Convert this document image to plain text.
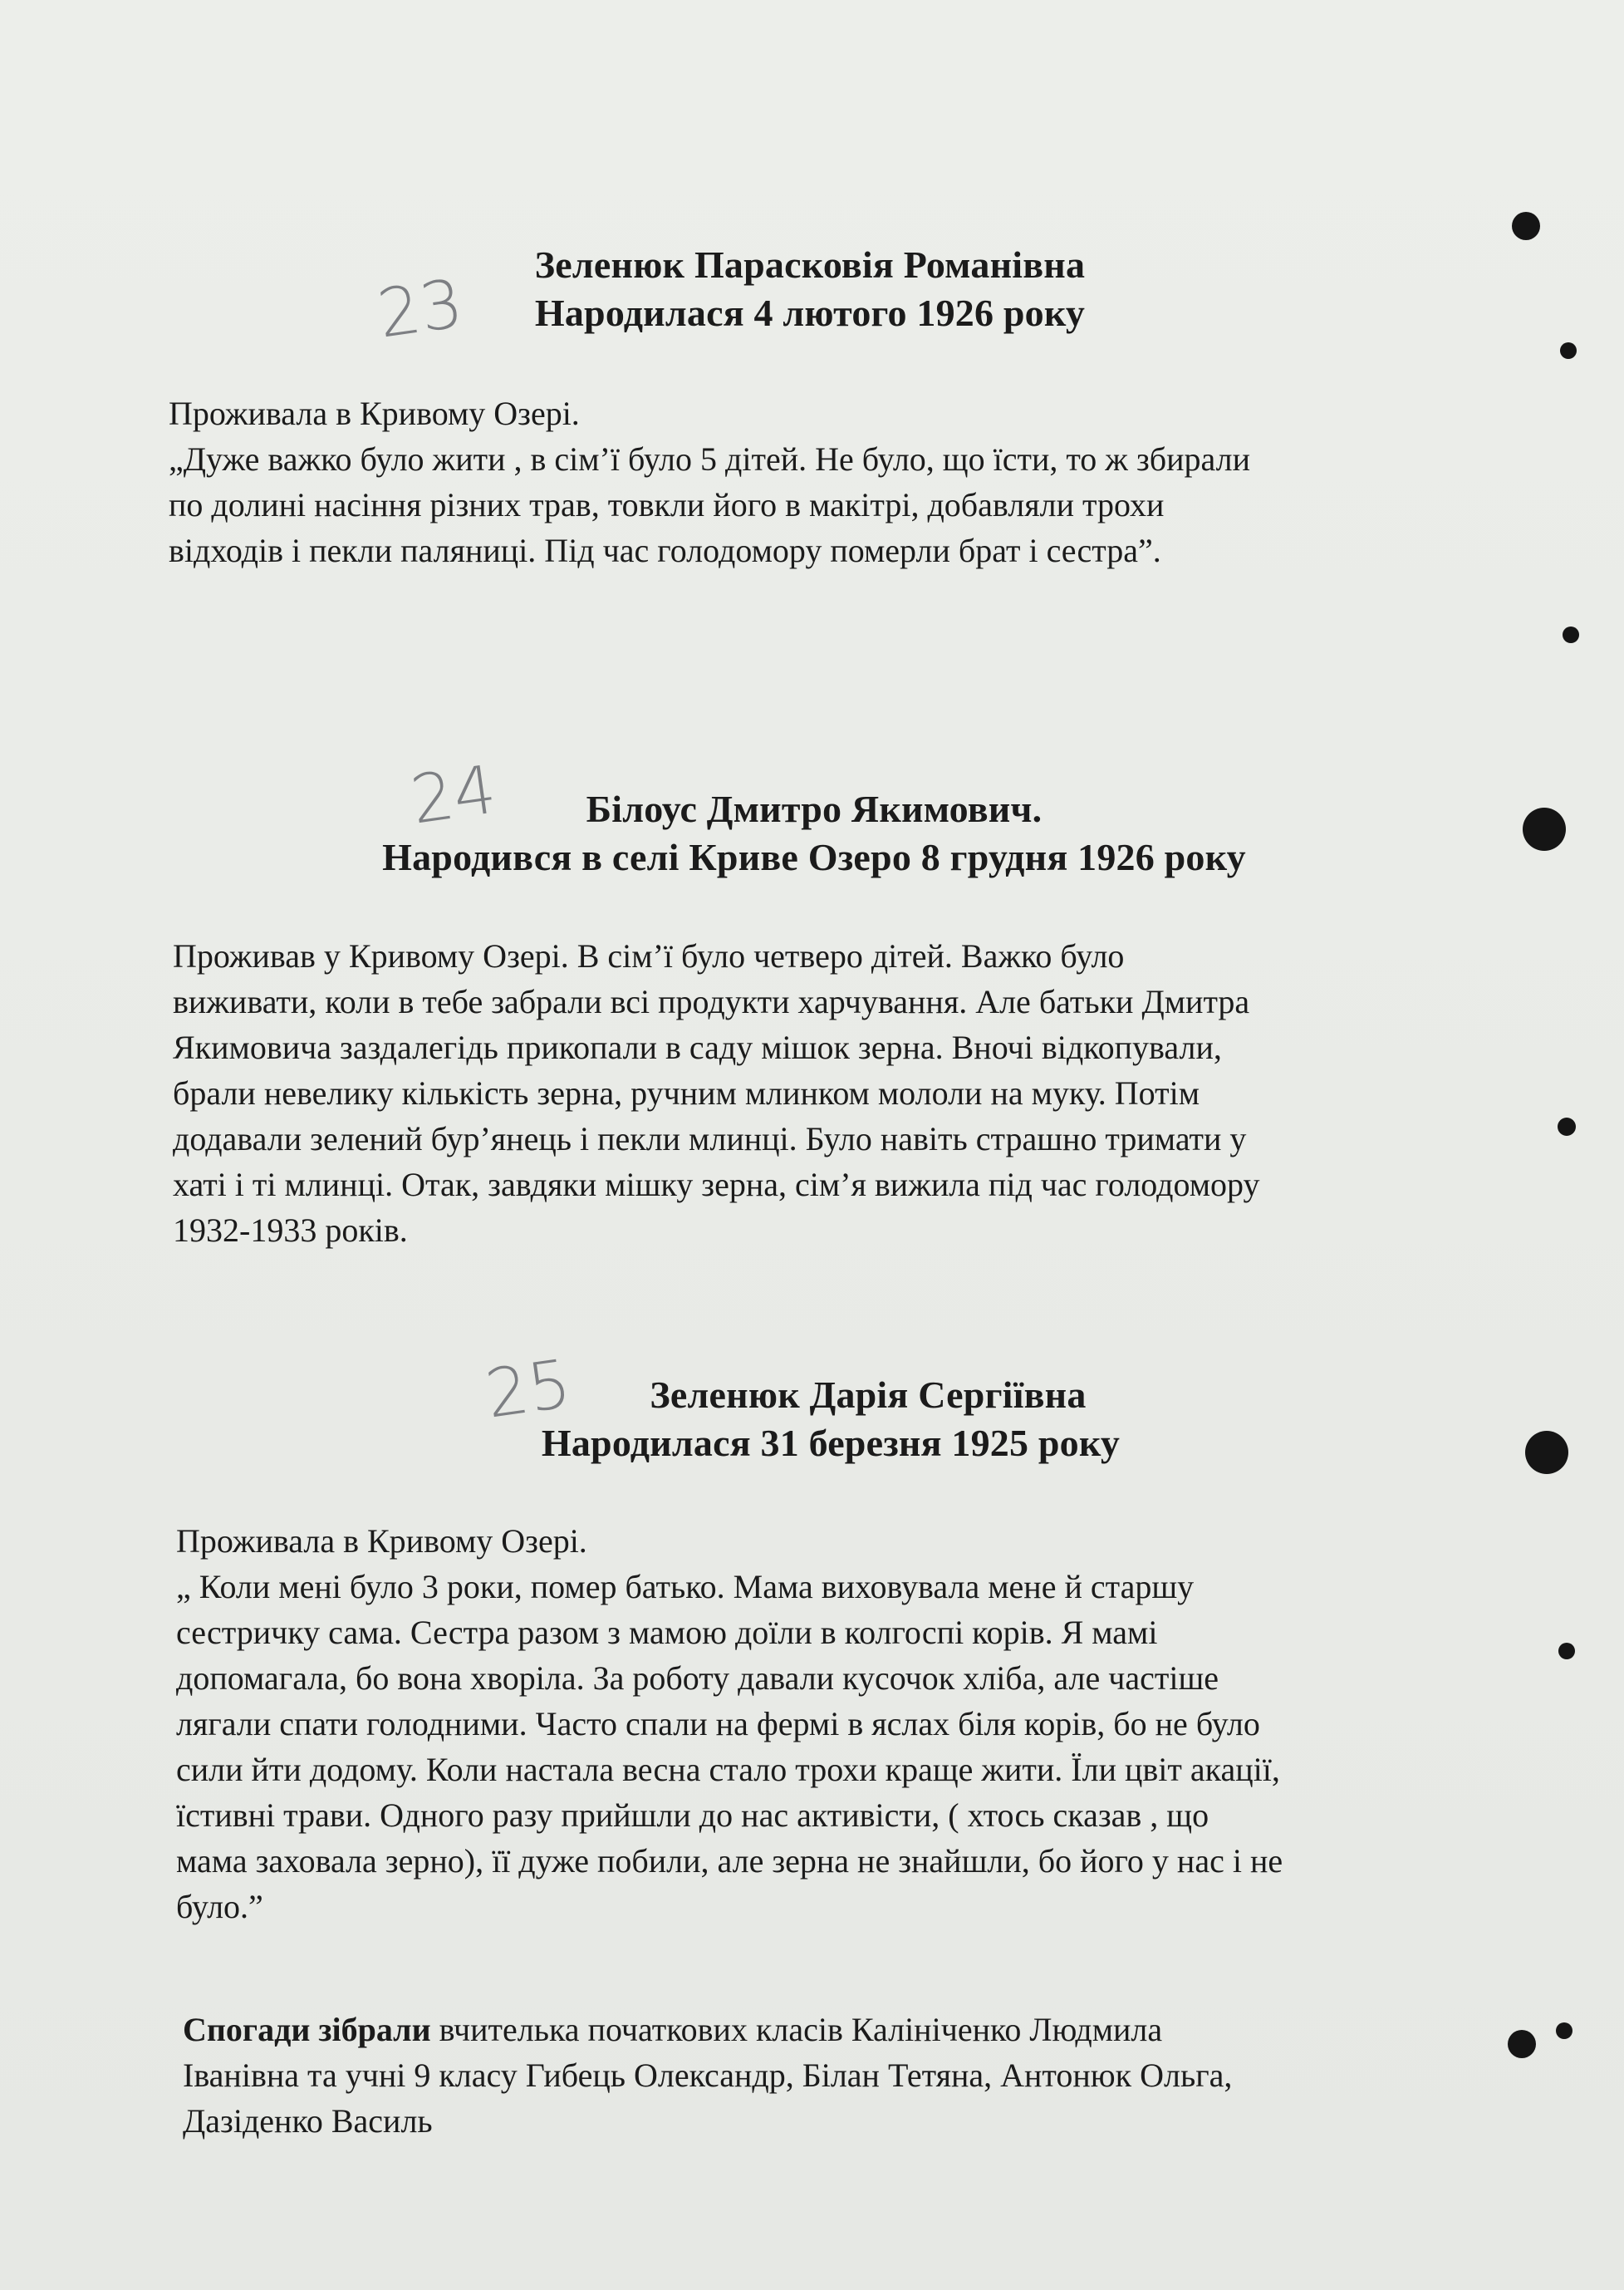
23	Зеленюк Парасковія Романівна
Народилася 4 лютого 1926 року
Проживала в Кривому Озері.
„Дуже важко було жити , в сім’ї було 5 дітей. Не було, що їсти, то ж збирали
по долині насіння різних трав, товкли його в макітрі, добавляли трохи
відходів і пекли паляниці. Під час голодомору померли брат і сестра”.
24	Білоус Дмитро Якимович.
Народився в селі Криве Озеро 8 грудня 1926 року
Проживав у Кривому Озері. В сім’ї було четверо дітей. Важко було
виживати, коли в тебе забрали всі продукти харчування. Але батьки Дмитра
Якимовича заздалегідь прикопали в саду мішок зерна. Вночі відкопували,
брали невелику кількість зерна, ручним млинком мололи на муку. Потім
додавали зелений бур’янець і пекли млинці. Було навіть страшно тримати у
хаті і ті млинці. Отак, завдяки мішку зерна, сім’я вижила під час голодомору
1932-1933 років.
25	Зеленюк Дарія Сергіївна
Народилася 31 березня 1925 року
Проживала в Кривому Озері.
„ Коли мені було 3 роки, помер батько. Мама виховувала мене й старшу
сестричку сама. Сестра разом з мамою доїли в колгоспі корів. Я мамі
допомагала, бо вона хворіла. За роботу давали кусочок хліба, але частіше
лягали спати голодними. Часто спали на фермі в яслах біля корів, бо не було
сили йти додому. Коли настала весна стало трохи краще жити. Їли цвіт акації,
їстивні трави. Одного разу прийшли до нас активісти, ( хтось сказав , що
мама заховала зерно), її дуже побили, але зерна не знайшли, бо його у нас і не
було.”
Спогади зібрали вчителька початкових класів Калініченко Людмила
Іванівна та учні 9 класу Гибець Олександр, Білан Тетяна, Антонюк Ольга,
Дазіденко Василь
